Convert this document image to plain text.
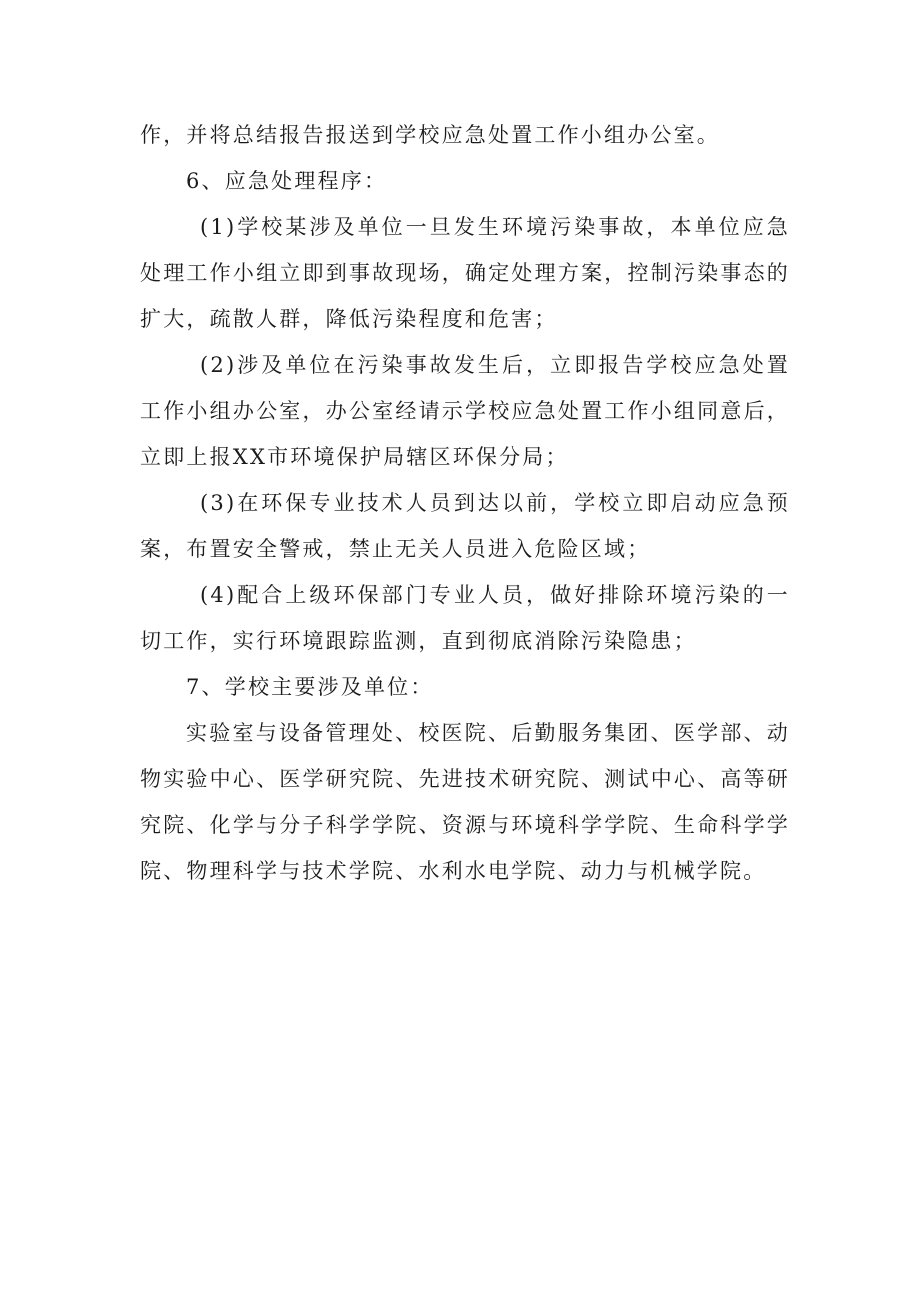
作，并将总结报告报送到学校应急处置工作小组办公室。

6、应急处理程序：

(1)学校某涉及单位一旦发生环境污染事故，本单位应急处理工作小组立即到事故现场，确定处理方案，控制污染事态的扩大，疏散人群，降低污染程度和危害；

(2)涉及单位在污染事故发生后，立即报告学校应急处置工作小组办公室，办公室经请示学校应急处置工作小组同意后，立即上报XX市环境保护局辖区环保分局；

(3)在环保专业技术人员到达以前，学校立即启动应急预案，布置安全警戒，禁止无关人员进入危险区域；

(4)配合上级环保部门专业人员，做好排除环境污染的一切工作，实行环境跟踪监测，直到彻底消除污染隐患；

7、学校主要涉及单位：

实验室与设备管理处、校医院、后勤服务集团、医学部、动物实验中心、医学研究院、先进技术研究院、测试中心、高等研究院、化学与分子科学学院、资源与环境科学学院、生命科学学院、物理科学与技术学院、水利水电学院、动力与机械学院。
